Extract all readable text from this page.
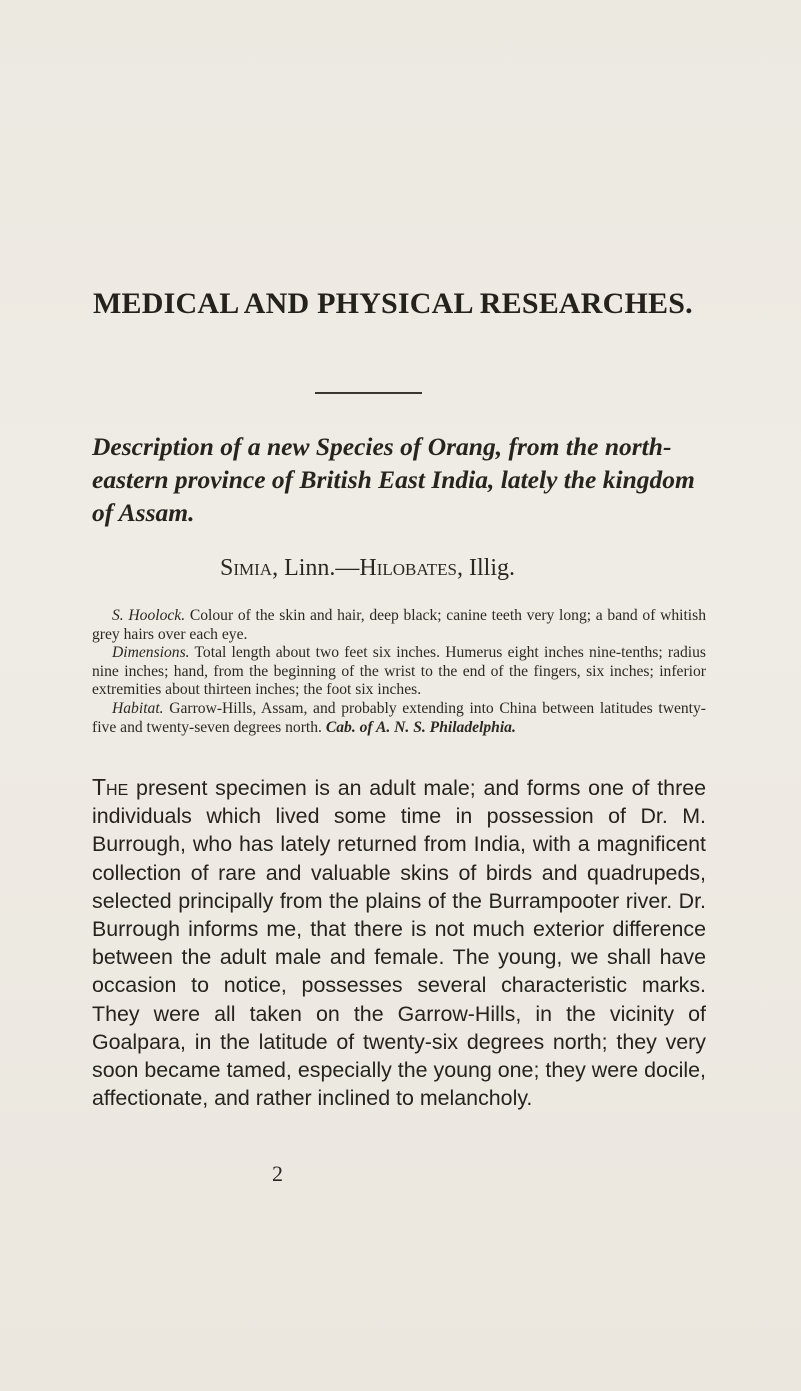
MEDICAL AND PHYSICAL RESEARCHES.
Description of a new Species of Orang, from the north-eastern province of British East India, lately the kingdom of Assam.
Simia, Linn.—Hilobates, Illig.

S. Hoolock. Colour of the skin and hair, deep black; canine teeth very long; a band of whitish grey hairs over each eye.

Dimensions. Total length about two feet six inches. Humerus eight inches nine-tenths; radius nine inches; hand, from the beginning of the wrist to the end of the fingers, six inches; inferior extremities about thirteen inches; the foot six inches.

Habitat. Garrow-Hills, Assam, and probably extending into China between latitudes twenty-five and twenty-seven degrees north. Cab. of A. N. S. Philadelphia.

The present specimen is an adult male; and forms one of three individuals which lived some time in possession of Dr. M. Burrough, who has lately returned from India, with a magnificent collection of rare and valuable skins of birds and quadrupeds, selected principally from the plains of the Burrampooter river. Dr. Burrough informs me, that there is not much exterior difference between the adult male and female. The young, we shall have occasion to notice, possesses several characteristic marks. They were all taken on the Garrow-Hills, in the vicinity of Goalpara, in the latitude of twenty-six degrees north; they very soon became tamed, especially the young one; they were docile, affectionate, and rather inclined to melancholy.

2
